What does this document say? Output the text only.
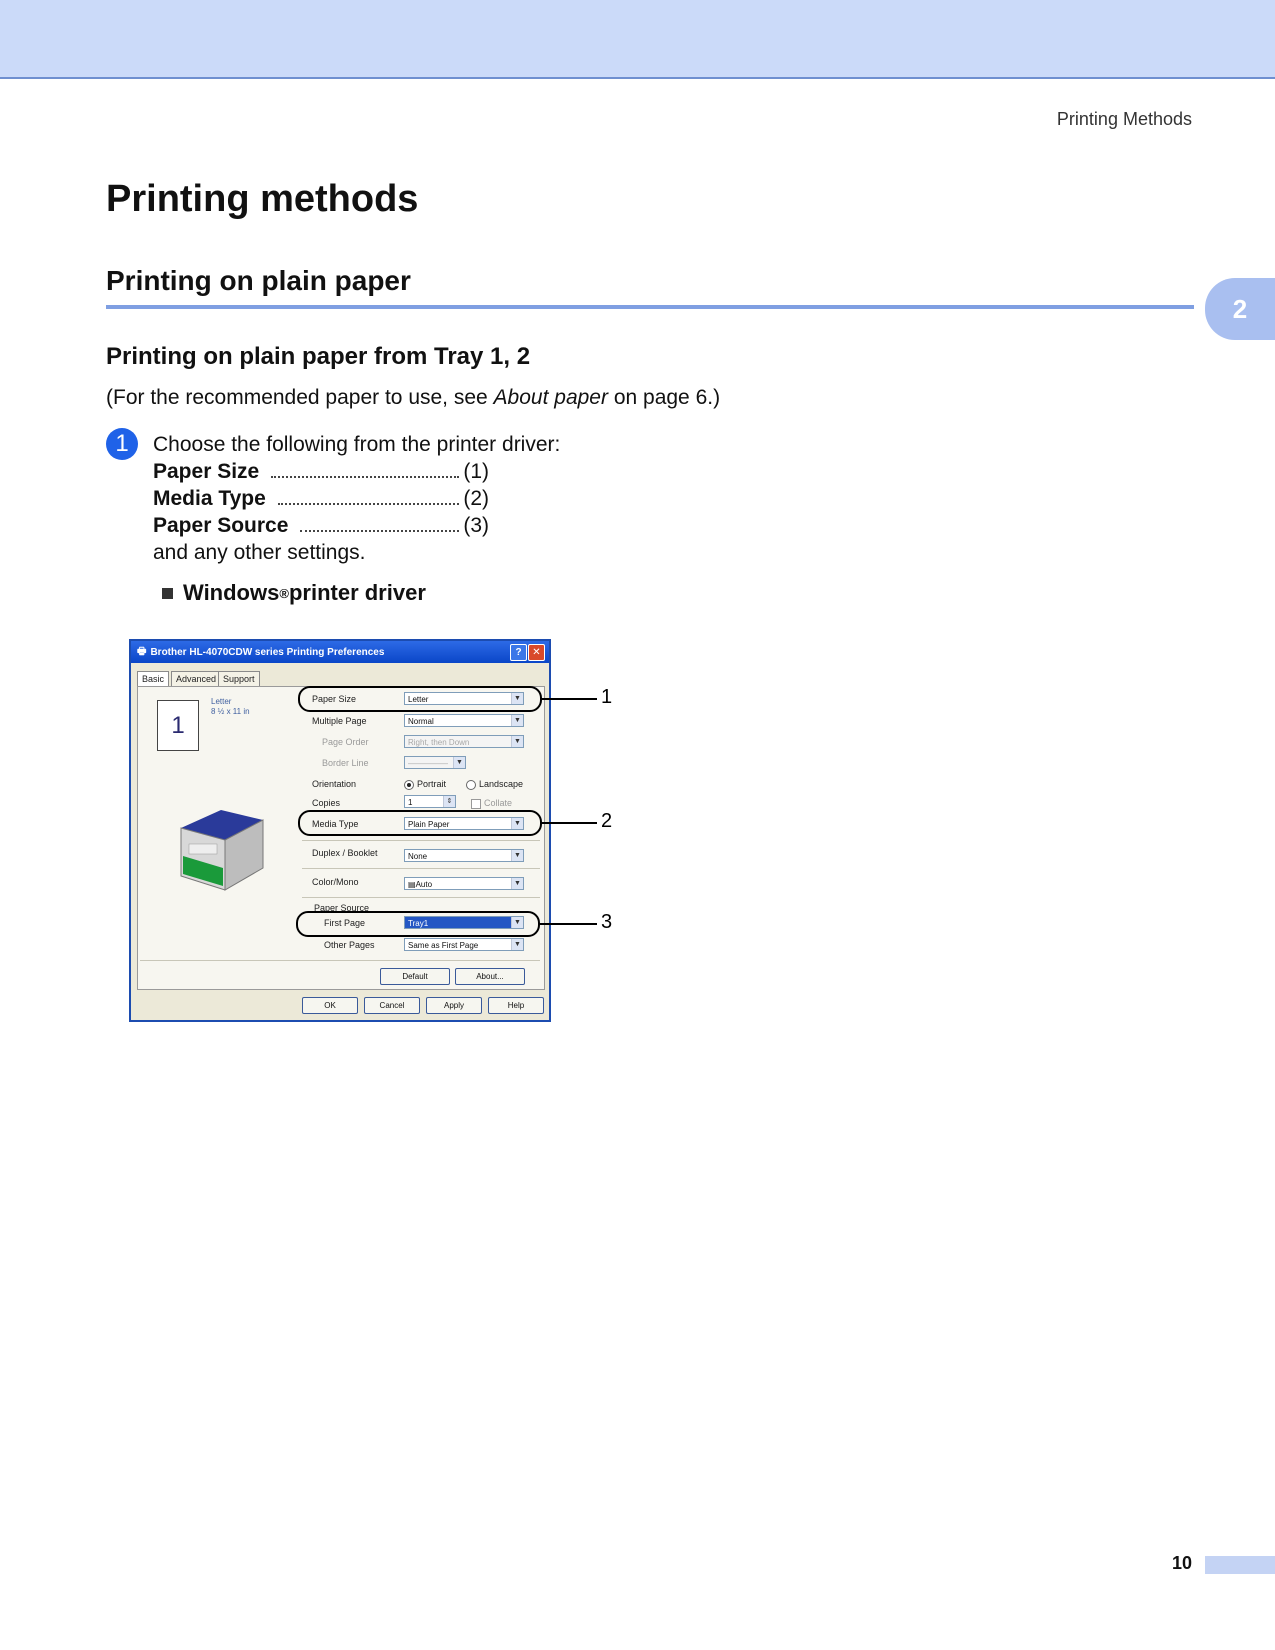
Printing Methods
Printing methods
Printing on plain paper
2
Printing on plain paper from Tray 1, 2
(For the recommended paper to use, see About paper on page 6.)
1	Choose the following from the printer driver:
Paper Size	(1)
Media Type	(2)
Paper Source	(3)
and any other settings.
Windows ® printer driver
🖶 Brother HL-4070CDW series Printing Preferences	?	✕
Basic	Advanced Support
1
Letter
8 ½ x 11 in
Paper Size	Letter	▼
Multiple Page	Normal	▼
Page Order	Right, then Down	▼
Border Line	—————	▼
Orientation	Portrait	Landscape
Copies	1	⇕	Collate
Media Type	Plain Paper	▼
Duplex / Booklet	None	▼
Color/Mono	▤Auto	▼
Paper Source
First Page	Tray1	▼
Other Pages	Same as First Page	▼
Default	About...
OK	Cancel	Apply	Help
1
2
3
10
